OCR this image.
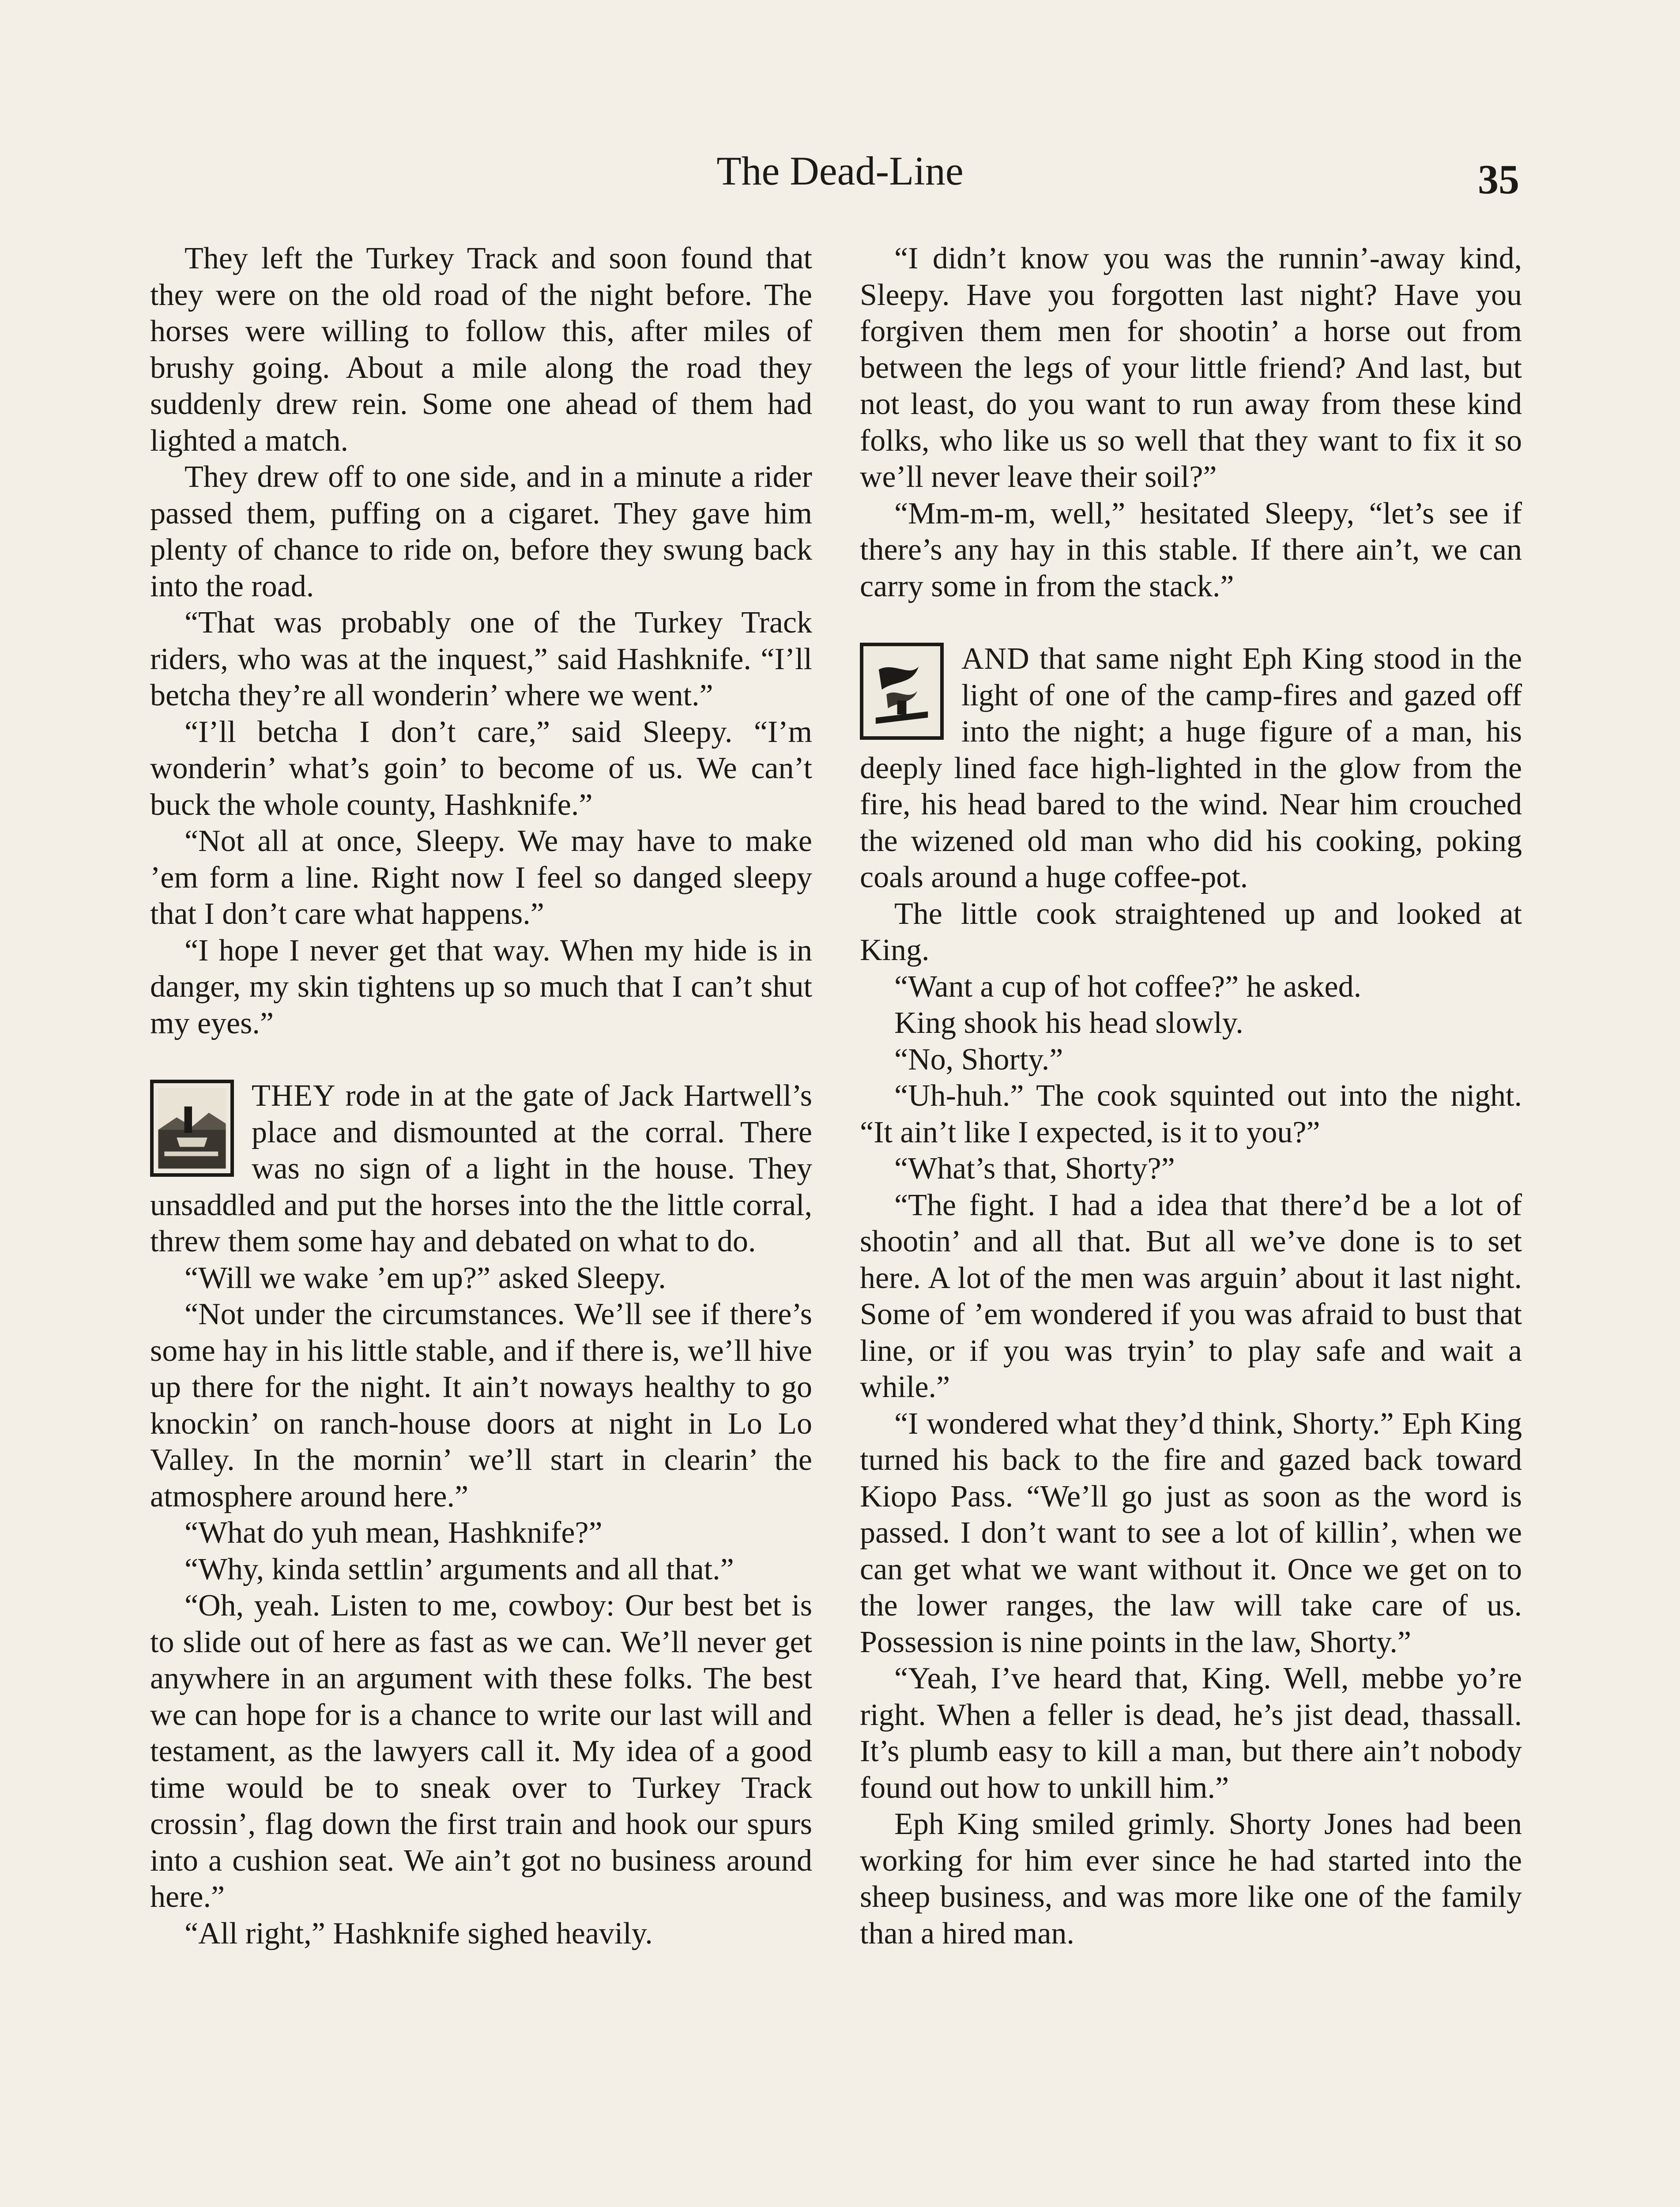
The Dead-Line	35

They left the Turkey Track and soon found that they were on the old road of the night before. The horses were willing to follow this, after miles of brushy going. About a mile along the road they suddenly drew rein. Some one ahead of them had lighted a match.

They drew off to one side, and in a minute a rider passed them, puffing on a cigaret. They gave him plenty of chance to ride on, before they swung back into the road.

“That was probably one of the Turkey Track riders, who was at the inquest,” said Hashknife. “I’ll betcha they’re all wonderin’ where we went.”

“I’ll betcha I don’t care,” said Sleepy. “I’m wonderin’ what’s goin’ to become of us. We can’t buck the whole county, Hashknife.”

“Not all at once, Sleepy. We may have to make ’em form a line. Right now I feel so danged sleepy that I don’t care what happens.”

“I hope I never get that way. When my hide is in danger, my skin tightens up so much that I can’t shut my eyes.”

THEY rode in at the gate of Jack Hartwell’s place and dismounted at the corral. There was no sign of a light in the house. They unsaddled and put the horses into the the little corral, threw them some hay and debated on what to do.

“Will we wake ’em up?” asked Sleepy.

“Not under the circumstances. We’ll see if there’s some hay in his little stable, and if there is, we’ll hive up there for the night. It ain’t noways healthy to go knockin’ on ranch-house doors at night in Lo Lo Valley. In the mornin’ we’ll start in clearin’ the atmosphere around here.”

“What do yuh mean, Hashknife?”

“Why, kinda settlin’ arguments and all that.”

“Oh, yeah. Listen to me, cowboy: Our best bet is to slide out of here as fast as we can. We’ll never get anywhere in an argument with these folks. The best we can hope for is a chance to write our last will and testament, as the lawyers call it. My idea of a good time would be to sneak over to Turkey Track crossin’, flag down the first train and hook our spurs into a cushion seat. We ain’t got no business around here.”

“All right,” Hashknife sighed heavily.

“I didn’t know you was the runnin’-away kind, Sleepy. Have you forgotten last night? Have you forgiven them men for shootin’ a horse out from between the legs of your little friend? And last, but not least, do you want to run away from these kind folks, who like us so well that they want to fix it so we’ll never leave their soil?”

“Mm-m-m, well,” hesitated Sleepy, “let’s see if there’s any hay in this stable. If there ain’t, we can carry some in from the stack.”

AND that same night Eph King stood in the light of one of the camp-fires and gazed off into the night; a huge figure of a man, his deeply lined face high-lighted in the glow from the fire, his head bared to the wind. Near him crouched the wizened old man who did his cooking, poking coals around a huge coffee-pot.

The little cook straightened up and looked at King.

“Want a cup of hot coffee?” he asked.

King shook his head slowly.

“No, Shorty.”

“Uh-huh.” The cook squinted out into the night. “It ain’t like I expected, is it to you?”

“What’s that, Shorty?”

“The fight. I had a idea that there’d be a lot of shootin’ and all that. But all we’ve done is to set here. A lot of the men was arguin’ about it last night. Some of ’em wondered if you was afraid to bust that line, or if you was tryin’ to play safe and wait a while.”

“I wondered what they’d think, Shorty.” Eph King turned his back to the fire and gazed back toward Kiopo Pass. “We’ll go just as soon as the word is passed. I don’t want to see a lot of killin’, when we can get what we want without it. Once we get on to the lower ranges, the law will take care of us. Possession is nine points in the law, Shorty.”

“Yeah, I’ve heard that, King. Well, mebbe yo’re right. When a feller is dead, he’s jist dead, thassall. It’s plumb easy to kill a man, but there ain’t nobody found out how to unkill him.”

Eph King smiled grimly. Shorty Jones had been working for him ever since he had started into the sheep business, and was more like one of the family than a hired man.
